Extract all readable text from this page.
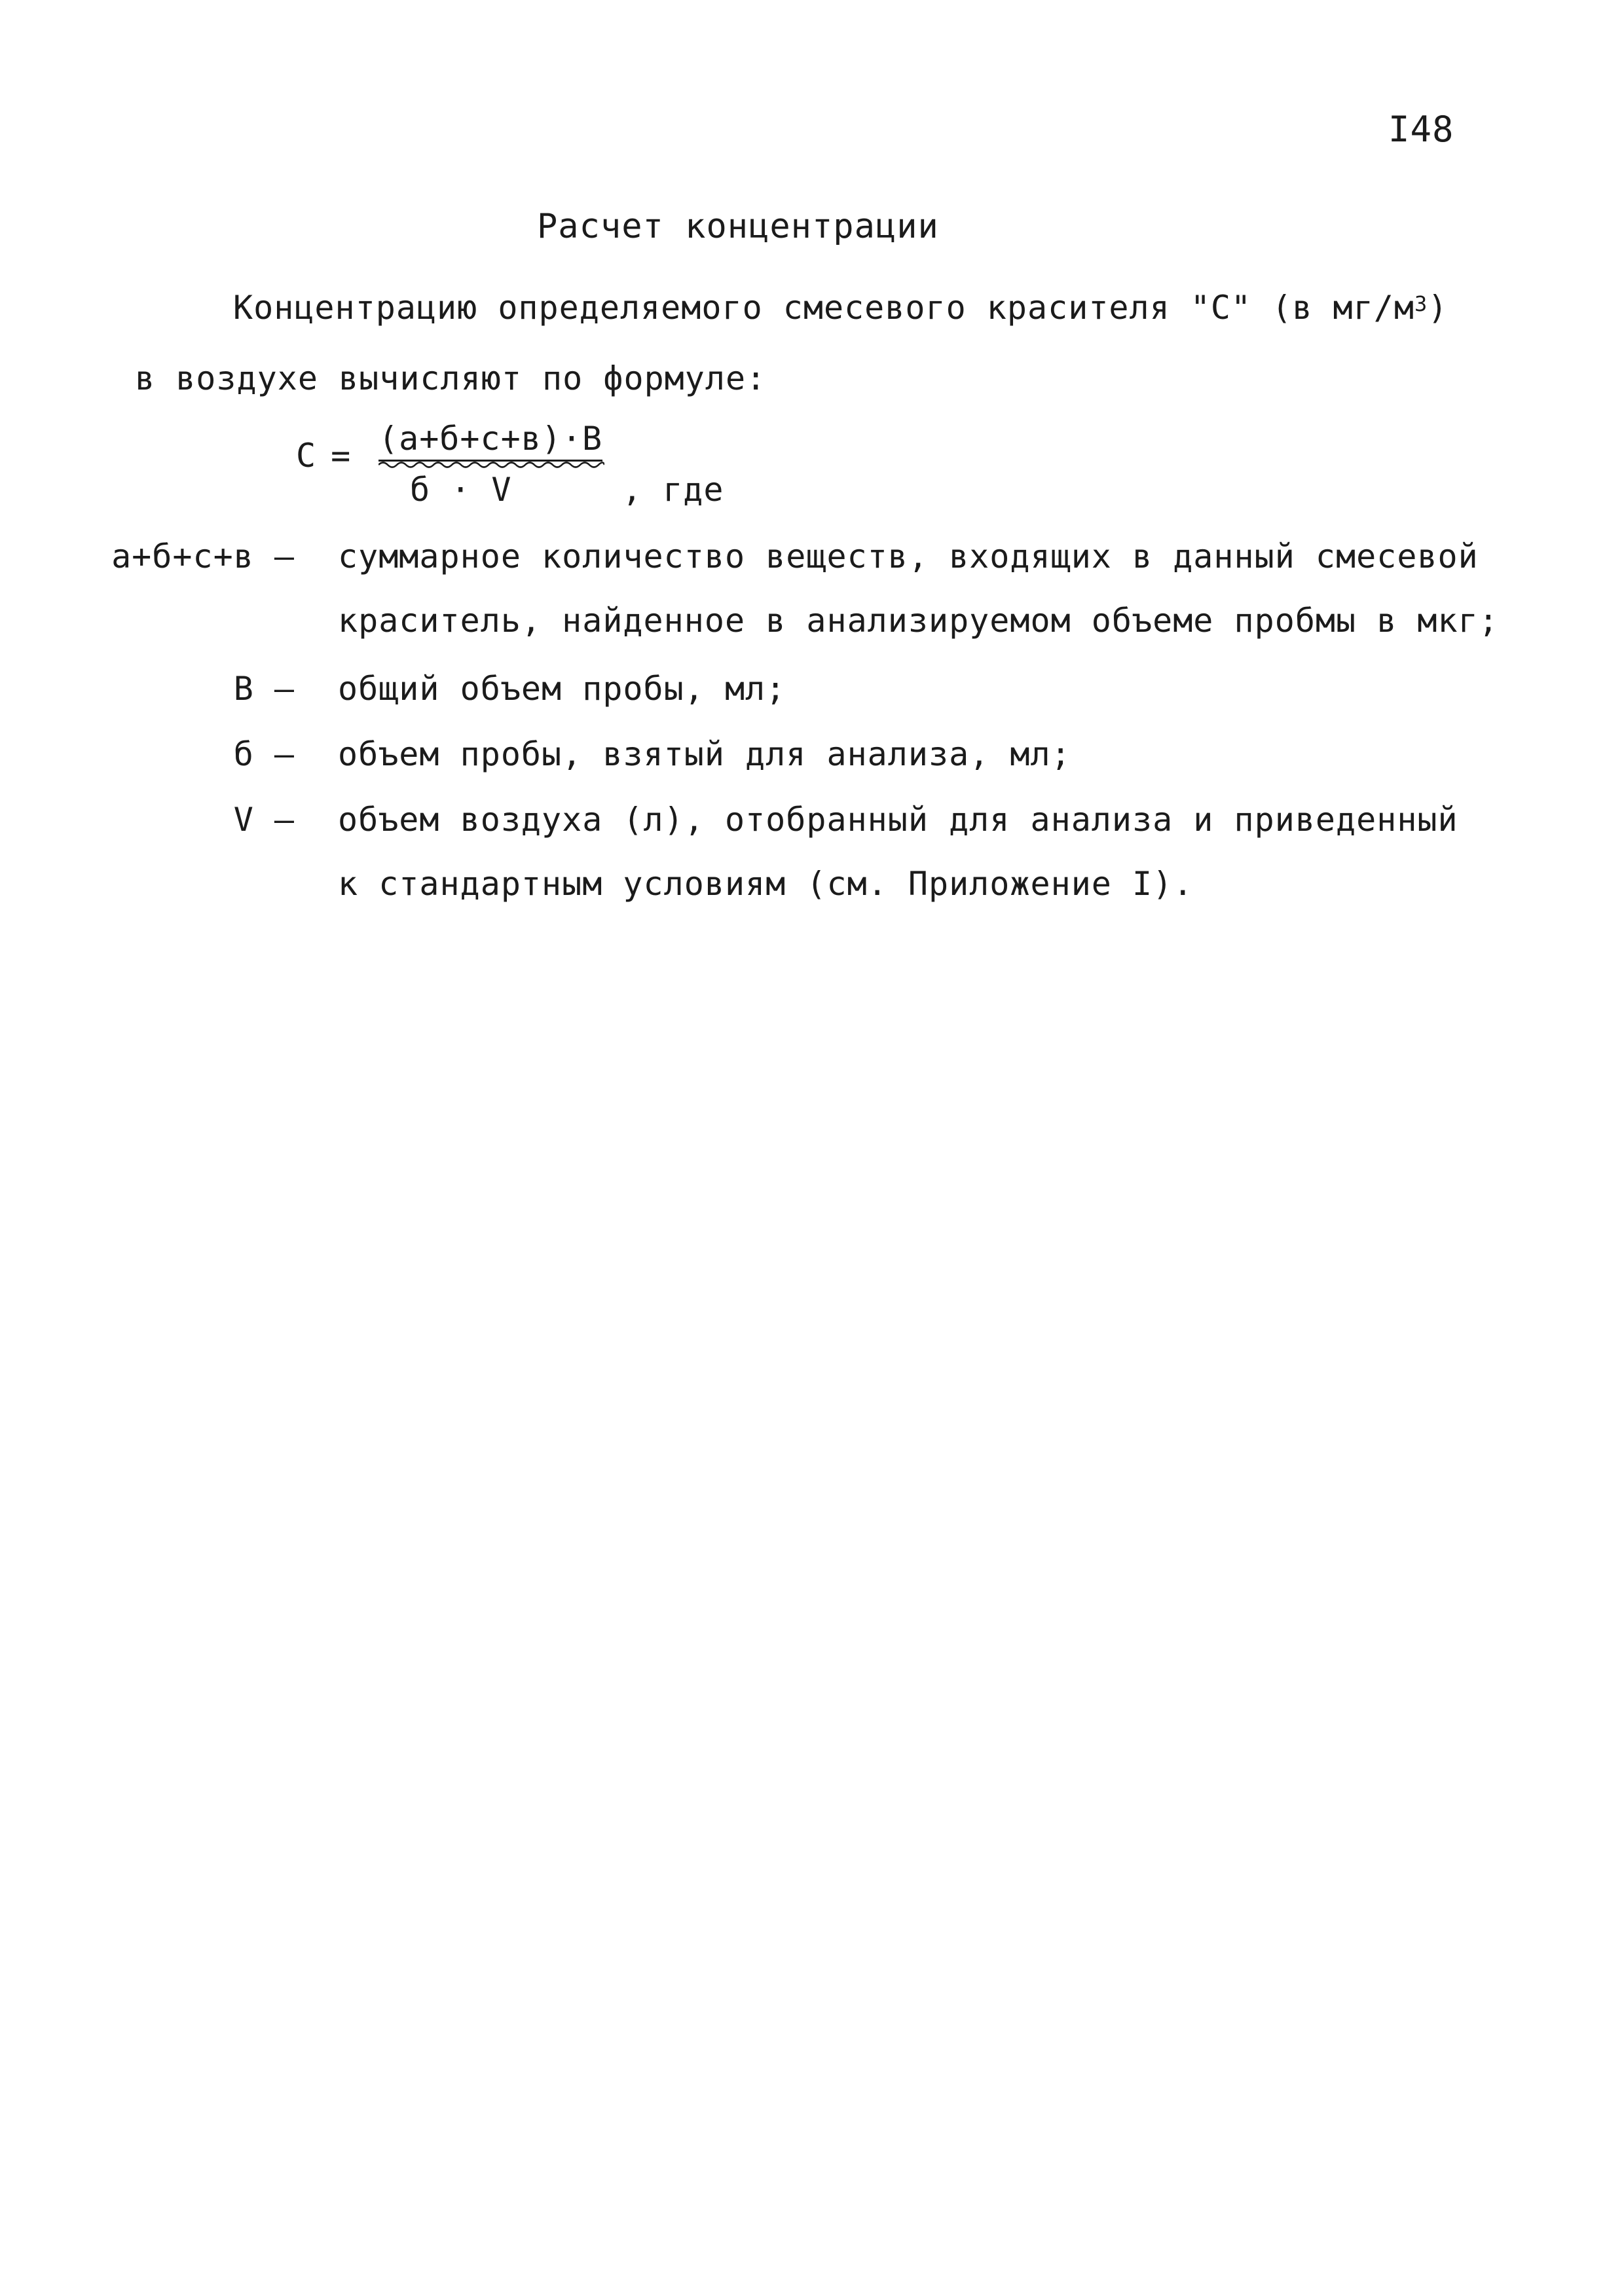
I48
Расчет концентрации
Концентрацию определяемого смесевого красителя "С" (в $мг/м^3$)
в воздухе вычисляют по формуле:
С = (а+б+с+в)·В
б · V	, где
а+б+с+в – суммарное количество веществ, входящих в данный смесевой
краситель, найденное в анализируемом объеме пробмы в мкг;
В – общий объем пробы, мл;
б – объем пробы, взятый для анализа, мл;
V – объем воздуха (л), отобранный для анализа и приведенный
к стандартным условиям (см. Приложение I).
